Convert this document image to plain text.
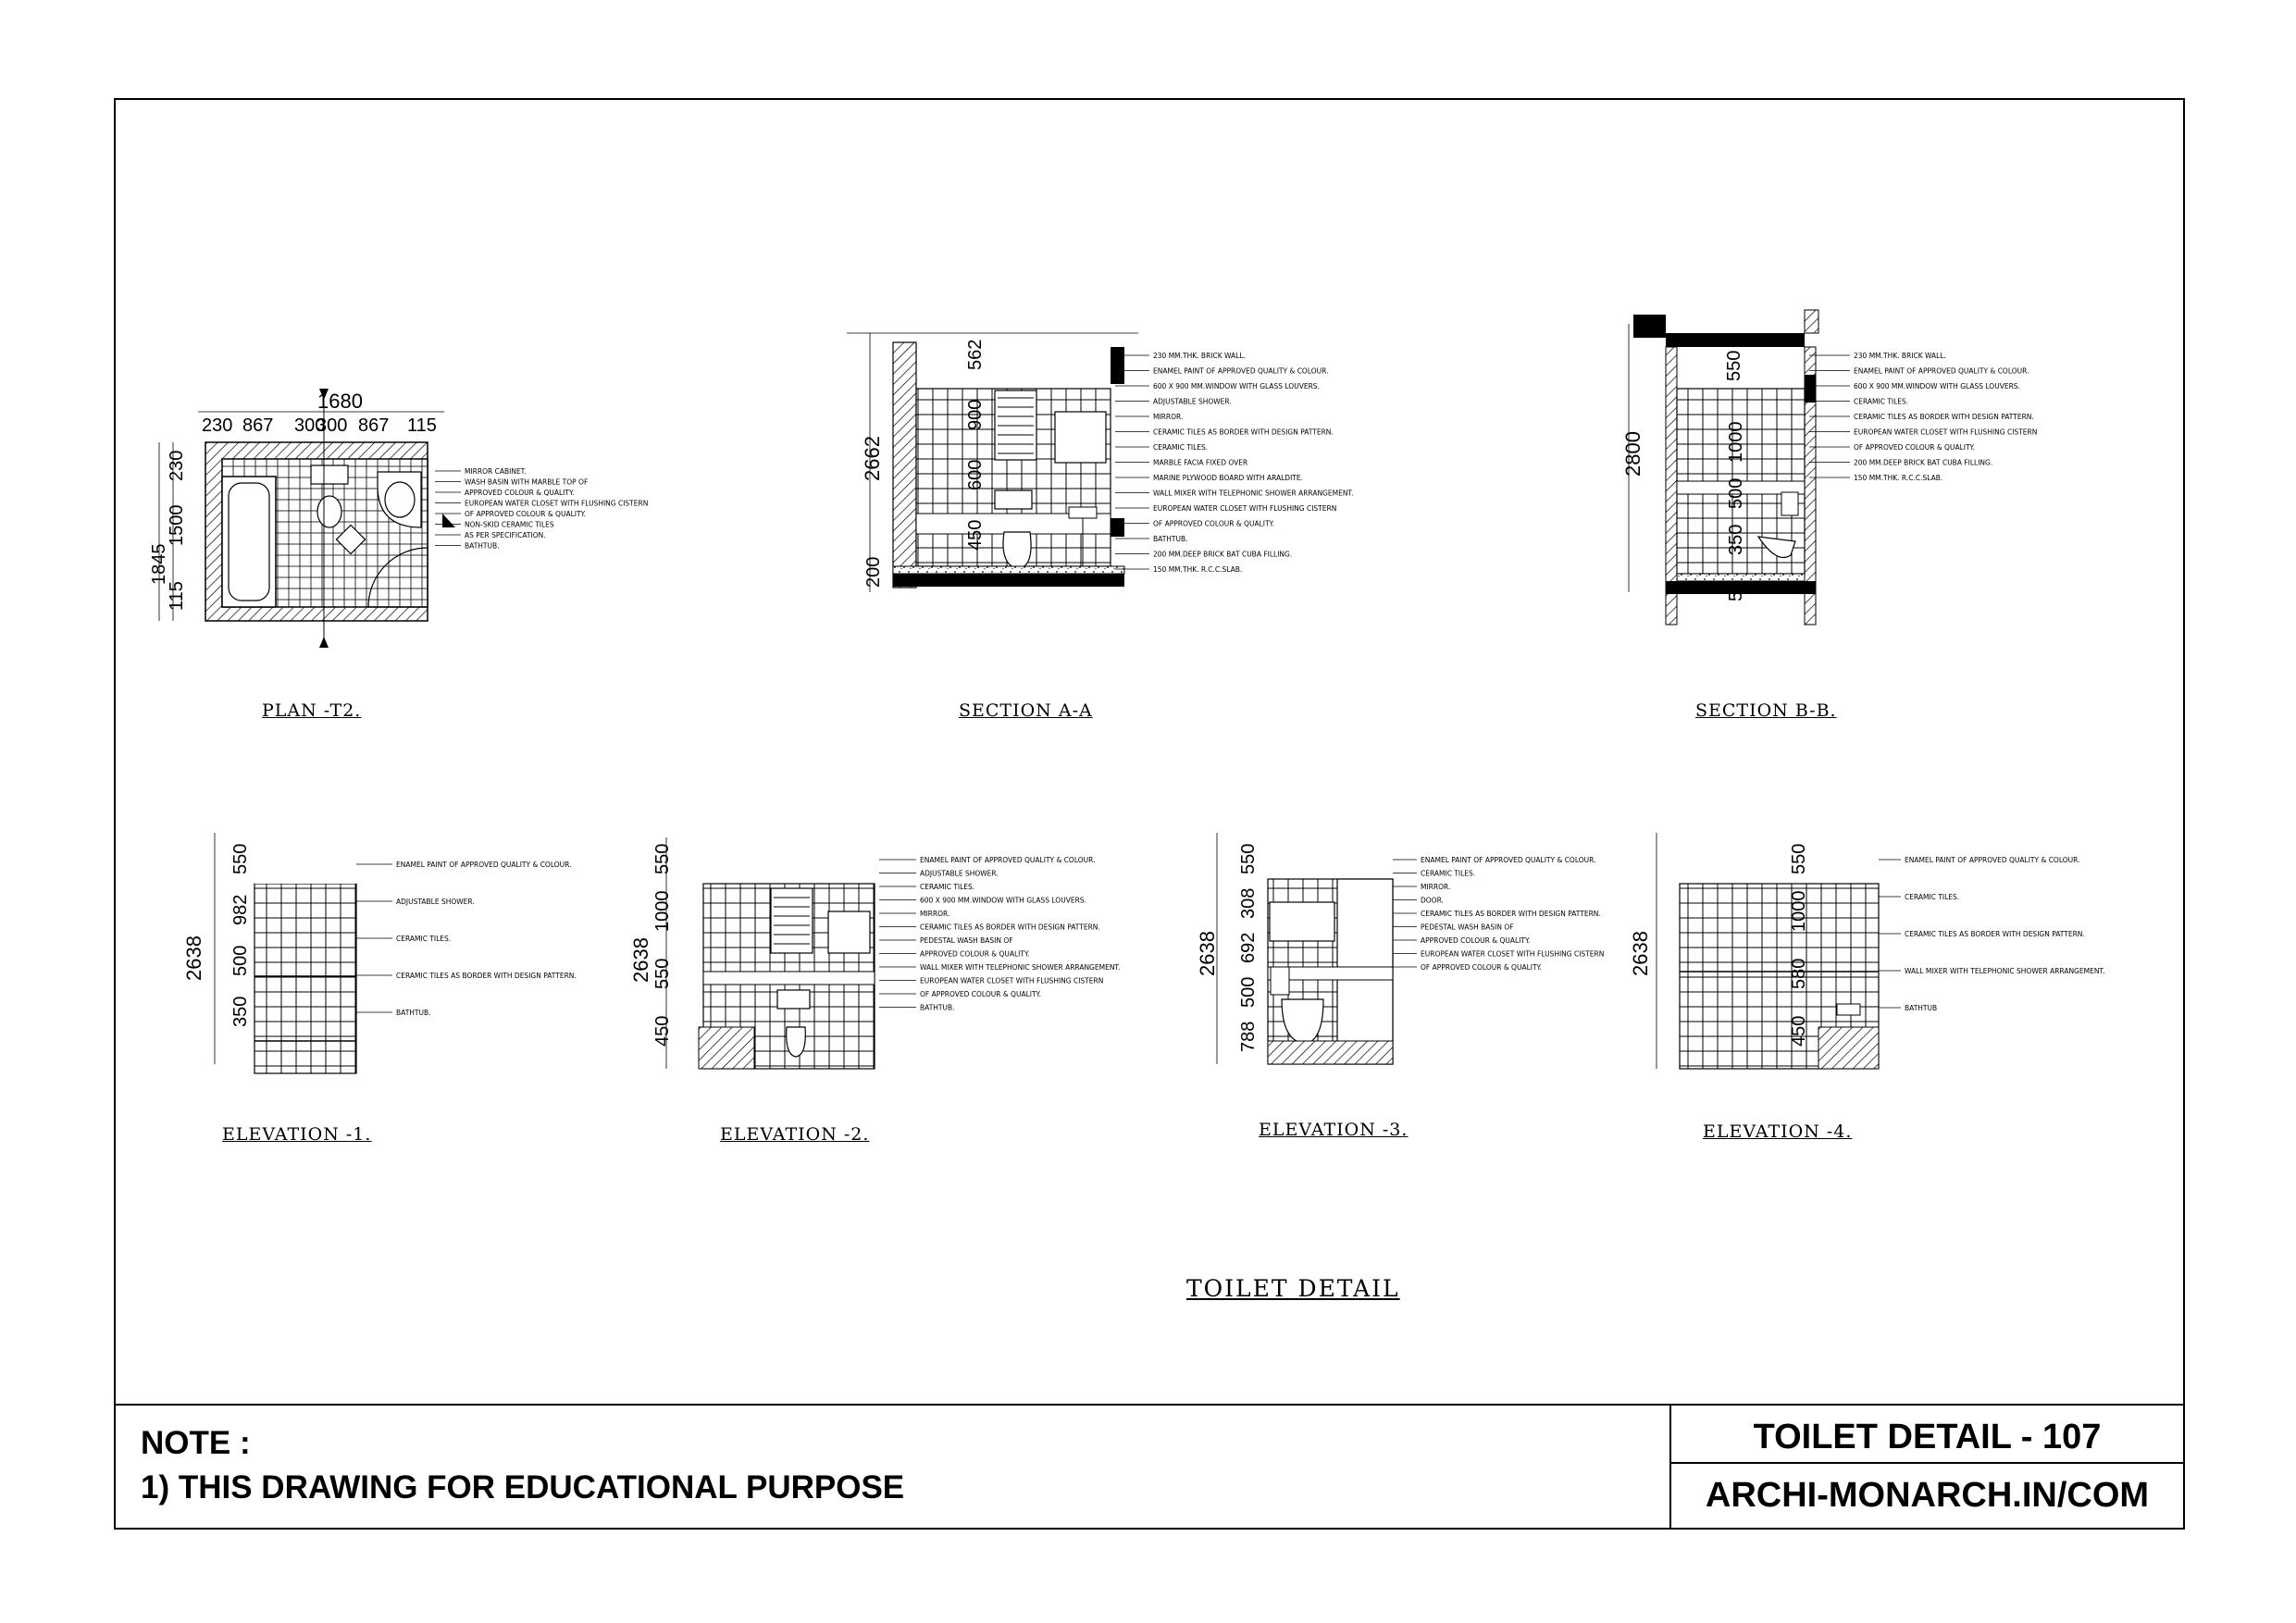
230 867 300
300 867 115
1680
1845
230
1500
115
MIRROR CABINET.
WASH BASIN WITH MARBLE TOP OF
APPROVED COLOUR & QUALITY.
EUROPEAN WATER CLOSET WITH FLUSHING CISTERN
OF APPROVED COLOUR & QUALITY.
NON-SKID CERAMIC TILES
AS PER SPECIFICATION.
BATHTUB.
2662
200
562
900
600
450
230 MM.THK. BRICK WALL.
ENAMEL PAINT OF APPROVED QUALITY & COLOUR.
600 X 900 MM.WINDOW WITH GLASS LOUVERS.
ADJUSTABLE SHOWER.
MIRROR.
CERAMIC TILES AS BORDER WITH DESIGN PATTERN.
CERAMIC TILES.
MARBLE FACIA FIXED OVER
MARINE PLYWOOD BOARD WITH ARALDITE.
WALL MIXER WITH TELEPHONIC SHOWER ARRANGEMENT.
EUROPEAN WATER CLOSET WITH FLUSHING CISTERN
OF APPROVED COLOUR & QUALITY.
BATHTUB.
200 MM.DEEP BRICK BAT CUBA FILLING.
150 MM.THK. R.C.C.SLAB.
2800
550
1000
500
350
50
230 MM.THK. BRICK WALL.
ENAMEL PAINT OF APPROVED QUALITY & COLOUR.
600 X 900 MM.WINDOW WITH GLASS LOUVERS.
CERAMIC TILES.
CERAMIC TILES AS BORDER WITH DESIGN PATTERN.
EUROPEAN WATER CLOSET WITH FLUSHING CISTERN
OF APPROVED COLOUR & QUALITY.
200 MM.DEEP BRICK BAT CUBA FILLING.
150 MM.THK. R.C.C.SLAB.
2638
550
982
500
350
ENAMEL PAINT OF APPROVED QUALITY & COLOUR.
ADJUSTABLE SHOWER.
CERAMIC TILES.
CERAMIC TILES AS BORDER WITH DESIGN PATTERN.
BATHTUB.
2638
550
1000
550
450
ENAMEL PAINT OF APPROVED QUALITY & COLOUR.
ADJUSTABLE SHOWER.
CERAMIC TILES.
600 X 900 MM.WINDOW WITH GLASS LOUVERS.
MIRROR.
CERAMIC TILES AS BORDER WITH DESIGN PATTERN.
PEDESTAL WASH BASIN OF
APPROVED COLOUR & QUALITY.
WALL MIXER WITH TELEPHONIC SHOWER ARRANGEMENT.
EUROPEAN WATER CLOSET WITH FLUSHING CISTERN
OF APPROVED COLOUR & QUALITY.
BATHTUB.
2638
550
308
692
500
788
ENAMEL PAINT OF APPROVED QUALITY & COLOUR.
CERAMIC TILES.
MIRROR.
DOOR.
CERAMIC TILES AS BORDER WITH DESIGN PATTERN.
PEDESTAL WASH BASIN OF
APPROVED COLOUR & QUALITY.
EUROPEAN WATER CLOSET WITH FLUSHING CISTERN
OF APPROVED COLOUR & QUALITY.	2638
550
1000
580
450
ENAMEL PAINT OF APPROVED QUALITY & COLOUR.
CERAMIC TILES.
CERAMIC TILES AS BORDER WITH DESIGN PATTERN.
WALL MIXER WITH TELEPHONIC SHOWER ARRANGEMENT.
BATHTUB
PLAN -T2.	SECTION A-A	SECTION B-B.
ELEVATION -1.	ELEVATION -2.	ELEVATION -3.	ELEVATION -4.
TOILET DETAIL
NOTE :
1) THIS DRAWING FOR EDUCATIONAL PURPOSE
TOILET DETAIL - 107
ARCHI-MONARCH.IN/COM
